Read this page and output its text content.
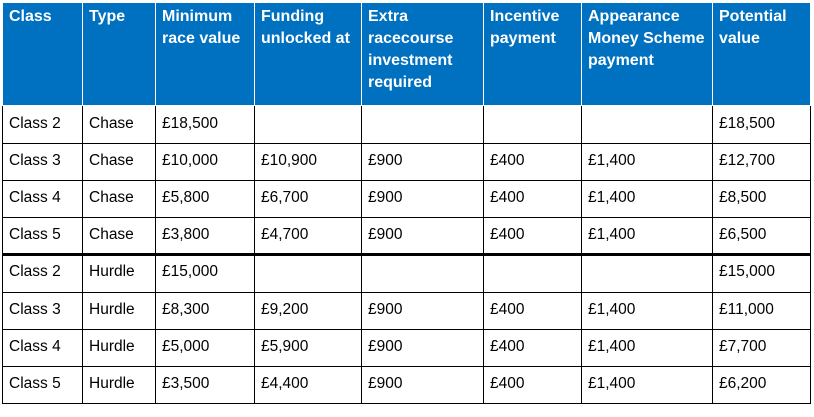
Class	Type	Minimum race value	Funding unlocked at	Extra racecourse investment required	Incentive payment	Appearance Money Scheme payment	Potential value
Class 2	Chase	£18,500					£18,500
Class 3	Chase	£10,000	£10,900	£900	£400	£1,400	£12,700
Class 4	Chase	£5,800	£6,700	£900	£400	£1,400	£8,500
Class 5	Chase	£3,800	£4,700	£900	£400	£1,400	£6,500
Class 2	Hurdle	£15,000					£15,000
Class 3	Hurdle	£8,300	£9,200	£900	£400	£1,400	£11,000
Class 4	Hurdle	£5,000	£5,900	£900	£400	£1,400	£7,700
Class 5	Hurdle	£3,500	£4,400	£900	£400	£1,400	£6,200
